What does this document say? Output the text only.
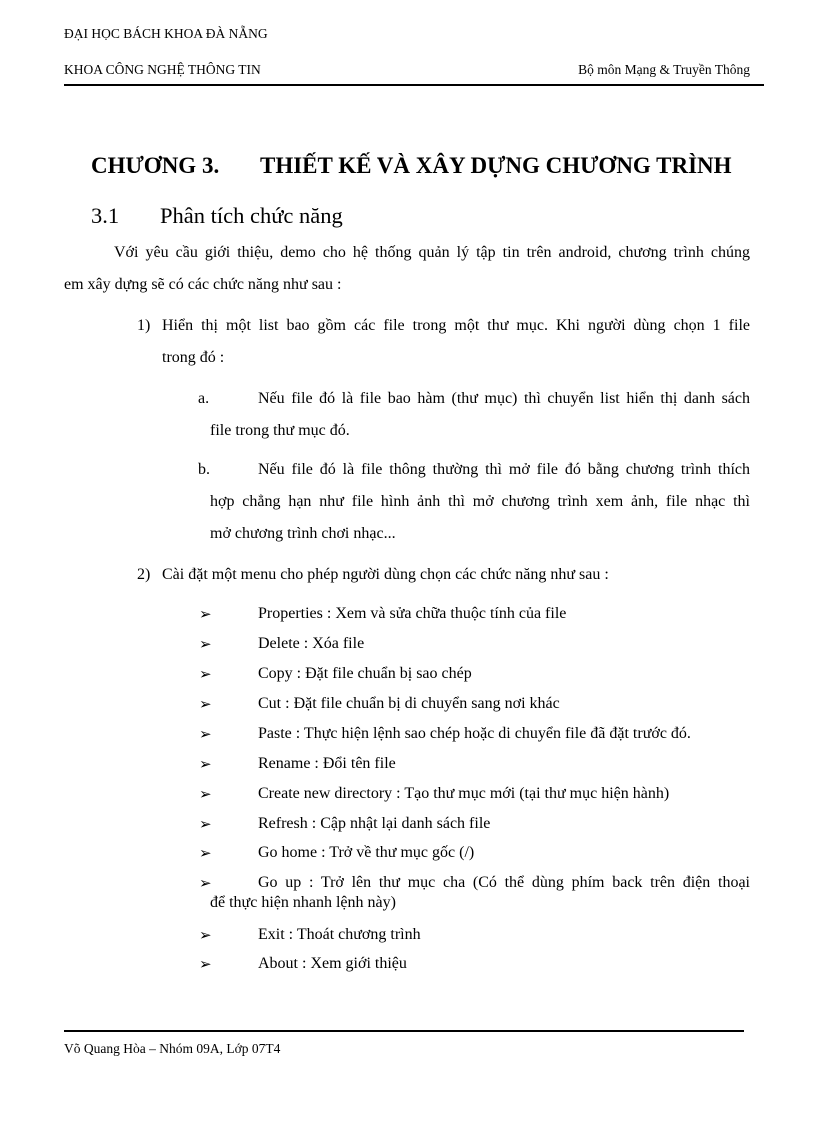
ĐẠI HỌC BÁCH KHOA ĐÀ NẴNG
KHOA CÔNG NGHỆ THÔNG TIN	Bộ môn Mạng & Truyền Thông
CHƯƠNG 3. THIẾT KẾ VÀ XÂY DỰNG CHƯƠNG TRÌNH
3.1 Phân tích chức năng
Với yêu cầu giới thiệu, demo cho hệ thống quản lý tập tin trên android, chương trình chúng
em xây dựng sẽ có các chức năng như sau :
1) Hiển thị một list bao gồm các file trong một thư mục. Khi người dùng chọn 1 file
trong đó :
a.	Nếu file đó là file bao hàm (thư mục) thì chuyển list hiển thị danh sách
file trong thư mục đó.
b.	Nếu file đó là file thông thường thì mở file đó bằng chương trình thích
hợp chẳng hạn như file hình ảnh thì mở chương trình xem ảnh, file nhạc thì
mở chương trình chơi nhạc...
2) Cài đặt một menu cho phép người dùng chọn các chức năng như sau :
➢	Properties : Xem và sửa chữa thuộc tính của file
➢	Delete : Xóa file
➢	Copy : Đặt file chuẩn bị sao chép
➢	Cut : Đặt file chuẩn bị di chuyển sang nơi khác
➢	Paste : Thực hiện lệnh sao chép hoặc di chuyển file đã đặt trước đó.
➢	Rename : Đổi tên file
➢	Create new directory : Tạo thư mục mới (tại thư mục hiện hành)
➢	Refresh : Cập nhật lại danh sách file
➢	Go home : Trở về thư mục gốc (/)
➢	Go up : Trở lên thư mục cha (Có thể dùng phím back trên điện thoại
➢	Exit : Thoát chương trình
➢	About : Xem giới thiệu
để thực hiện nhanh lệnh này)
Võ Quang Hòa – Nhóm 09A, Lớp 07T4
